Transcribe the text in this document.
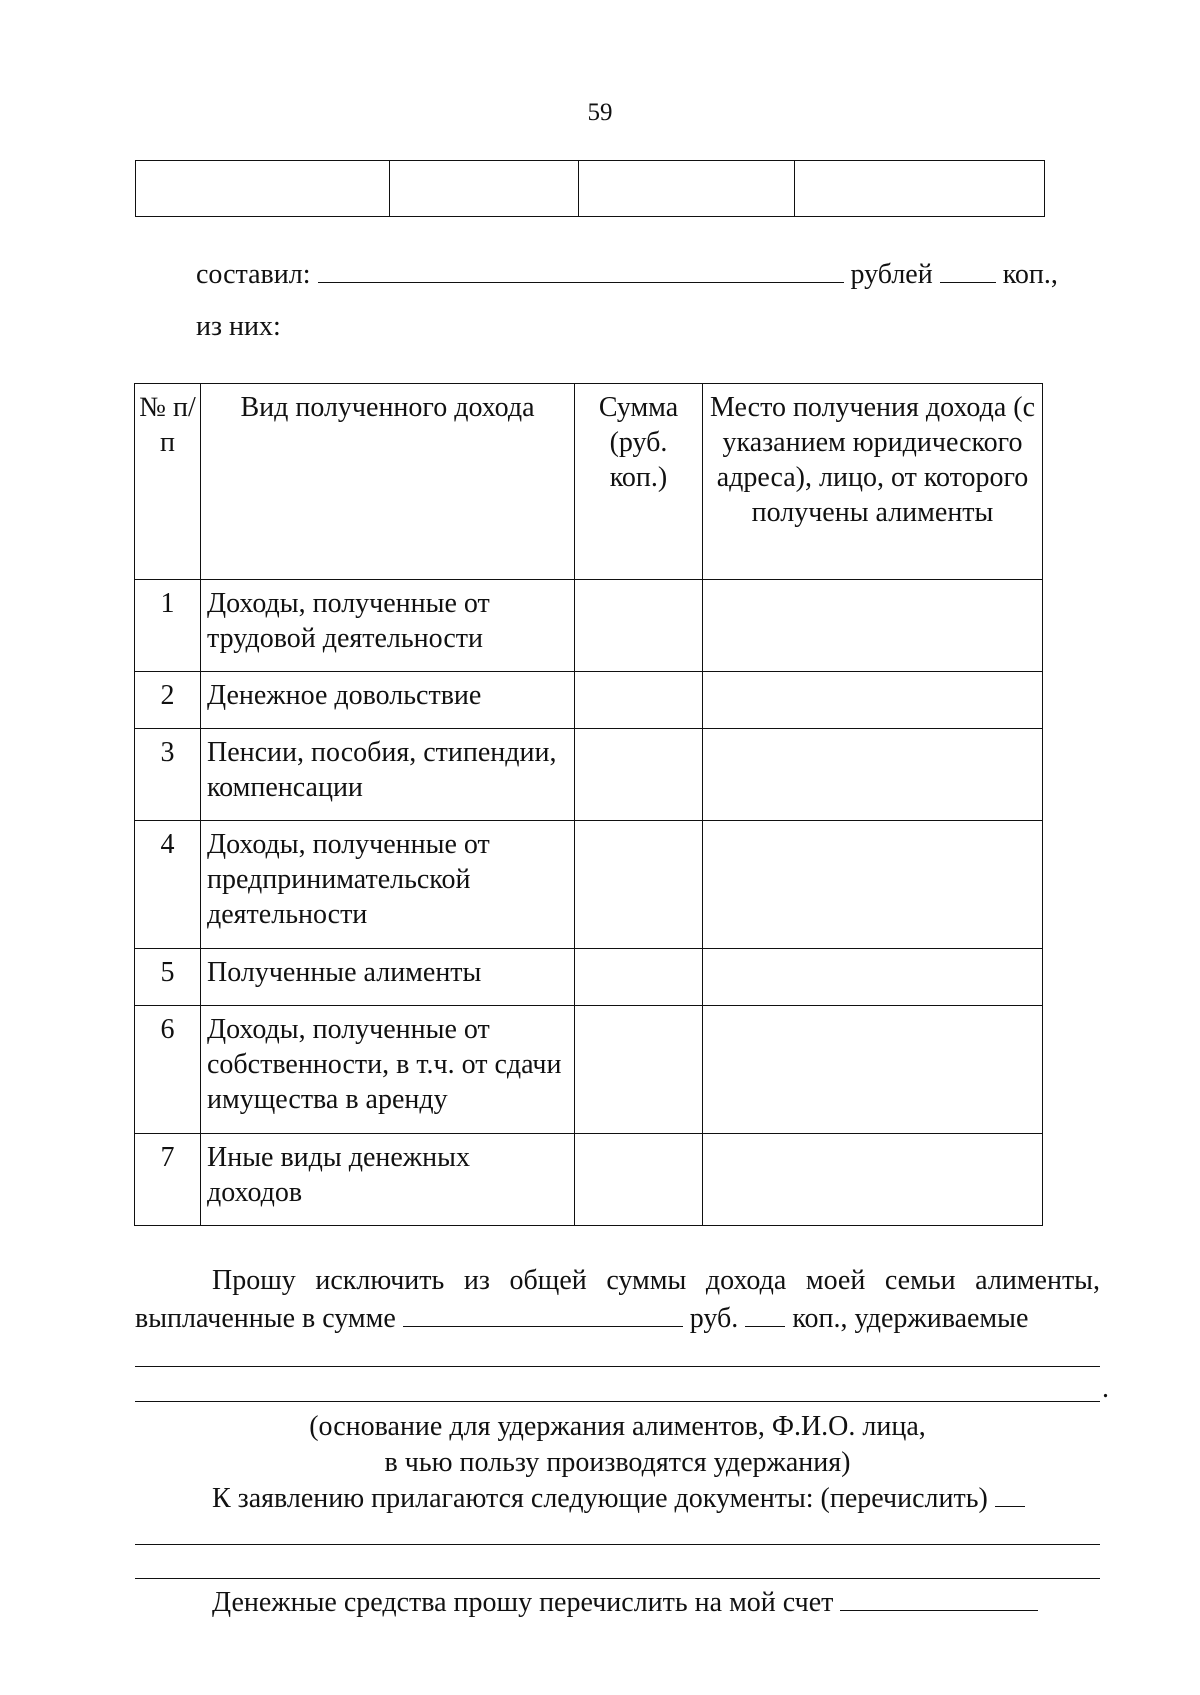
59

составил:	рублей	коп.,
из них:
№ п/п	Вид полученного дохода	Сумма (руб. коп.)	Место получения дохода (с указанием юридического адреса), лицо, от которого получены алименты
1	Доходы, полученные от трудовой деятельности		
2	Денежное довольствие		
3	Пенсии, пособия, стипендии, компенсации		
4	Доходы, полученные от предпринимательской деятельности		
5	Полученные алименты		
6	Доходы, полученные от собственности, в т.ч. от сдачи имущества в аренду		
7	Иные виды денежных доходов		
Прошу исключить из общей суммы дохода моей семьи алименты,
выплаченные в сумме	руб. коп., удерживаемые
.
(основание для удержания алиментов, Ф.И.О. лица,
в чью пользу производятся удержания)
К заявлению прилагаются следующие документы: (перечислить)
Денежные средства прошу перечислить на мой счет
